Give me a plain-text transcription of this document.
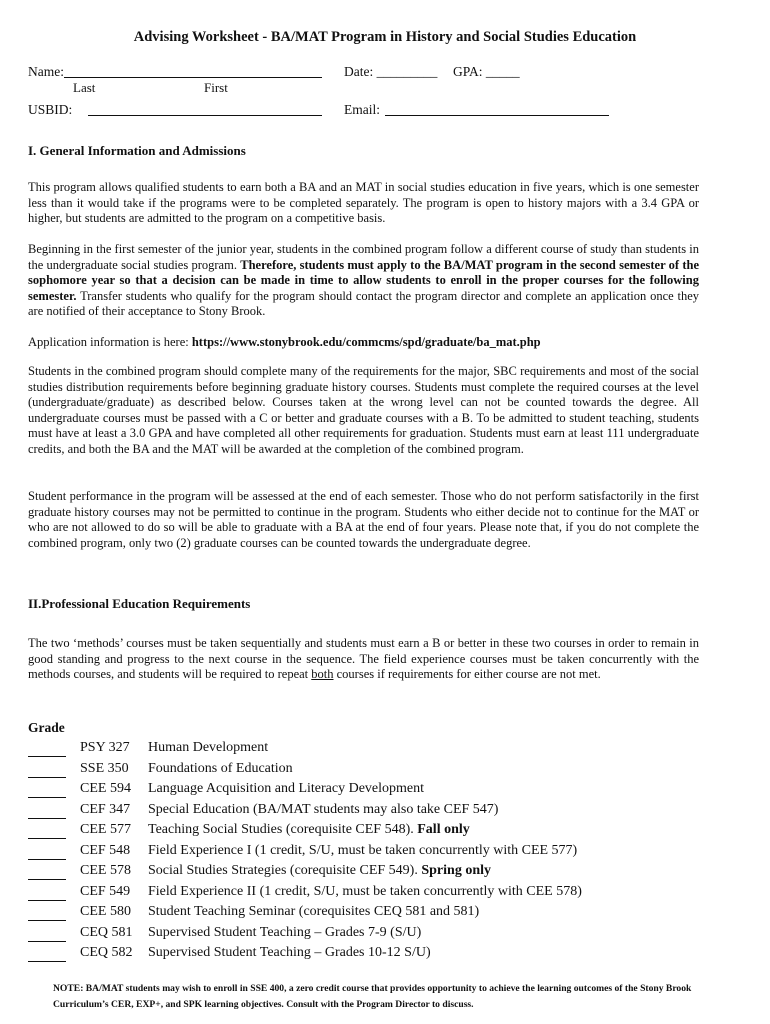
Advising Worksheet - BA/MAT Program in History and Social Studies Education
Name:
Last	First
Date: _________ GPA: _____
USBID:	Email:
I. General Information and Admissions
This program allows qualified students to earn both a BA and an MAT in social studies education in five years, which is one semester less than it would take if the programs were to be completed separately. The program is open to history majors with a 3.4 GPA or higher, but students are admitted to the program on a competitive basis.
Beginning in the first semester of the junior year, students in the combined program follow a different course of study than students in the undergraduate social studies program. Therefore, students must apply to the BA/MAT program in the second semester of the sophomore year so that a decision can be made in time to allow students to enroll in the proper courses for the following semester. Transfer students who qualify for the program should contact the program director and complete an application once they are notified of their acceptance to Stony Brook.
Application information is here: https://www.stonybrook.edu/commcms/spd/graduate/ba_mat.php
Students in the combined program should complete many of the requirements for the major, SBC requirements and most of the social studies distribution requirements before beginning graduate history courses. Students must complete the required courses at the level (undergraduate/graduate) as described below. Courses taken at the wrong level can not be counted towards the degree. All undergraduate courses must be passed with a C or better and graduate courses with a B. To be admitted to student teaching, students must have at least a 3.0 GPA and have completed all other requirements for graduation. Students must earn at least 111 undergraduate credits, and both the BA and the MAT will be awarded at the completion of the combined program.
Student performance in the program will be assessed at the end of each semester. Those who do not perform satisfactorily in the first graduate history courses may not be permitted to continue in the program. Students who either decide not to continue for the MAT or who are not allowed to do so will be able to graduate with a BA at the end of four years. Please note that, if you do not complete the combined program, only two (2) graduate courses can be counted towards the undergraduate degree.
II.Professional Education Requirements
The two ‘methods’ courses must be taken sequentially and students must earn a B or better in these two courses in order to remain in good standing and progress to the next course in the sequence. The field experience courses must be taken concurrently with the methods courses, and students will be required to repeat both courses if requirements for either course are not met.
Grade
PSY 327 Human Development
SSE 350 Foundations of Education
CEE 594 Language Acquisition and Literacy Development
CEF 347 Special Education (BA/MAT students may also take CEF 547)
CEE 577 Teaching Social Studies (corequisite CEF 548). Fall only
CEF 548 Field Experience I (1 credit, S/U, must be taken concurrently with CEE 577)
CEE 578 Social Studies Strategies (corequisite CEF 549). Spring only
CEF 549 Field Experience II (1 credit, S/U, must be taken concurrently with CEE 578)
CEE 580 Student Teaching Seminar (corequisites CEQ 581 and 581)
CEQ 581 Supervised Student Teaching – Grades 7-9 (S/U)
CEQ 582 Supervised Student Teaching – Grades 10-12 S/U)
NOTE: BA/MAT students may wish to enroll in SSE 400, a zero credit course that provides opportunity to achieve the learning outcomes of the Stony Brook Curriculum’s CER, EXP+, and SPK learning objectives. Consult with the Program Director to discuss.
